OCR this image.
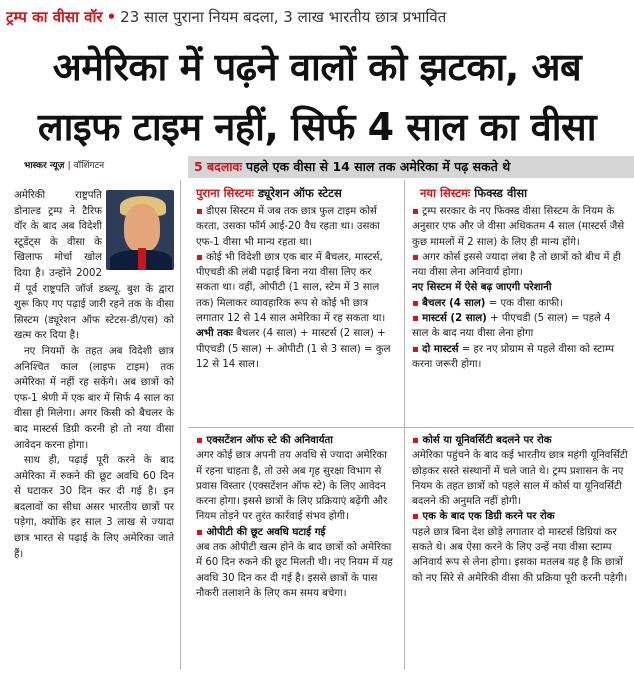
ट्रम्प का वीसा वॉर • 23 साल पुराना नियम बदला, 3 लाख भारतीय छात्र प्रभावित
अमेरिका में पढ़ने वालों को झटका, अब
लाइफ टाइम नहीं, सिर्फ 4 साल का वीसा
भास्कर न्यूज़ | वॉशिंगटन	5 बदलावः पहले एक वीसा से 14 साल तक अमेरिका में पढ़ सकते थे

अमेरिकी राष्ट्रपति डोनाल्ड ट्रम्प ने टैरिफ वॉर के बाद अब विदेशी स्टूडेंट्स के वीसा के खिलाफ मोर्चा खोल दिया है। उन्होंने 2002 में पूर्व राष्ट्रपति जॉर्ज डब्ल्यू. बुश के द्वारा शुरू किए गए पढ़ाई जारी रहने तक के वीसा सिस्टम (ड्यूरेशन ऑफ स्टेटस-डी/एस) को खत्म कर दिया है।

नए नियमों के तहत अब विदेशी छात्र अनिश्चित काल (लाइफ टाइम) तक अमेरिका में नहीं रह सकेंगे। अब छात्रों को एफ-1 श्रेणी में एक बार में सिर्फ 4 साल का वीसा ही मिलेगा। अगर किसी को बैचलर के बाद मास्टर्स डिग्री करनी हो तो नया वीसा आवेदन करना होगा।

साथ ही, पढ़ाई पूरी करने के बाद अमेरिका में रुकने की छूट अवधि 60 दिन से घटाकर 30 दिन कर दी गई है। इन बदलावों का सीधा असर भारतीय छात्रों पर पड़ेगा, क्योंकि हर साल 3 लाख से ज्यादा छात्र भारत से पढ़ाई के लिए अमेरिका जाते हैं।

पुराना सिस्टमः ड्यूरेशन ऑफ स्टेटस

▪ डीएस सिस्टम में जब तक छात्र फुल टाइम कोर्स करता, उसका फॉर्म आई-20 वैध रहता था। उसका एफ-1 वीसा भी मान्य रहता था।

▪ कोई भी विदेशी छात्र एक बार में बैचलर, मास्टर्स, पीएचडी की लंबी पढ़ाई बिना नया वीसा लिए कर सकता था। वहीं, ओपीटी (1 साल, स्टेम में 3 साल तक) मिलाकर व्यावहारिक रूप से कोई भी छात्र लगातार 12 से 14 साल अमेरिका में रह सकता था।

अभी तकः बैचलर (4 साल) + मास्टर्स (2 साल) + पीएचडी (5 साल) + ओपीटी (1 से 3 साल) = कुल 12 से 14 साल।

नया सिस्टमः फिक्स्ड वीसा

▪ ट्रम्प सरकार के नए फिक्स्ड वीसा सिस्टम के नियम के अनुसार एफ और जे वीसा अधिकतम 4 साल (मास्टर्स जैसे कुछ मामलों में 2 साल) के लिए ही मान्य होंगे।

▪ अगर कोर्स इससे ज्यादा लंबा है तो छात्रों को बीच में ही नया वीसा लेना अनिवार्य होगा।

नए सिस्टम में ऐसे बढ़ जाएगी परेशानी

▪ बैचलर (4 साल) = एक वीसा काफी।

▪ मास्टर्स (2 साल) + पीएचडी (5 साल) = पहले 4 साल के बाद नया वीसा लेना होगा

▪ दो मास्टर्स = हर नए प्रोग्राम से पहले वीसा को स्टाम्प करना जरूरी होगा।

▪ एक्सटेंशन ऑफ स्टे की अनिवार्यता

अगर कोई छात्र अपनी तय अवधि से ज्यादा अमेरिका में रहना चाहता है, तो उसे अब गृह सुरक्षा विभाग से प्रवास विस्तार (एक्सटेंशन ऑफ स्टे) के लिए आवेदन करना होगा। इससे छात्रों के लिए प्रक्रियाएं बढ़ेंगी और नियम तोड़ने पर तुरंत कार्रवाई संभव होगी।

▪ ओपीटी की छूट अवधि घटाई गई

अब तक ओपीटी खत्म होने के बाद छात्रों को अमेरिका में 60 दिन रुकने की छूट मिलती थी। नए नियम में यह अवधि 30 दिन कर दी गई है। इससे छात्रों के पास नौकरी तलाशने के लिए कम समय बचेगा।

▪ कोर्स या यूनिवर्सिटी बदलने पर रोक

अमेरिका पहुंचने के बाद कई भारतीय छात्र महंगी यूनिवर्सिटी छोड़कर सस्ते संस्थानों में चले जाते थे। ट्रम्प प्रशासन के नए नियम के तहत छात्रों को पहले साल में कोर्स या यूनिवर्सिटी बदलने की अनुमति नहीं होगी।

▪ एक के बाद एक डिग्री करने पर रोक

पहले छात्र बिना देश छोड़े लगातार दो मास्टर्स डिग्रियां कर सकते थे। अब ऐसा करने के लिए उन्हें नया वीसा स्टाम्प अनिवार्य रूप से लेना होगा। इसका मतलब यह है कि छात्रों को नए सिरे से अमेरिकी वीसा की प्रक्रिया पूरी करनी पड़ेगी।
